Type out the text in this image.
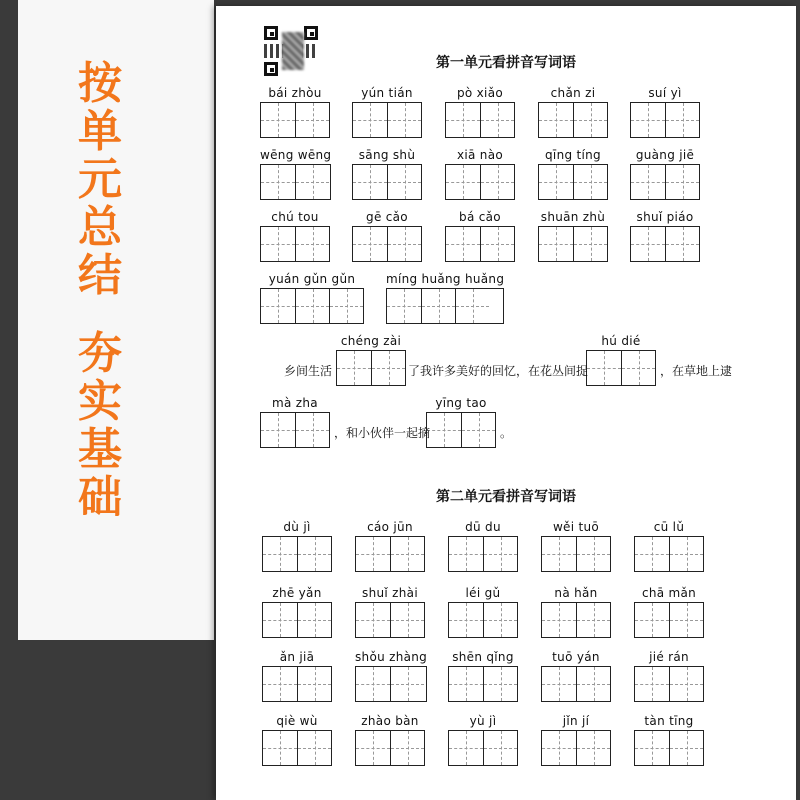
按
单
元
总
结
夯
实
基
础
第一单元看拼音写词语
第二单元看拼音写词语
chéng zài	hú dié
乡间生活	了我许多美好的回忆，在花丛间捉	，在草地上逮
mà zha	yīng tao
，和小伙伴一起摘	。
bái zhòu	yún tián	pò xiǎo	chǎn zi	suí yì
wēng wēng	sāng shù	xiā nào	qīng tíng	guàng jiē
chú tou	gē cǎo	bá cǎo	shuān zhù	shuǐ piáo
yuán gǔn gǔn	míng huǎng huǎng
dù jì	cáo jūn	dū du	wěi tuō	cū lǔ
zhē yǎn	shuǐ zhài	léi gǔ	nà hǎn	chā mǎn
ǎn jiā	shǒu zhàng	shēn qǐng	tuō yán	jié rán
qiè wù	zhào bàn	yù jì	jǐn jí	tàn tīng
